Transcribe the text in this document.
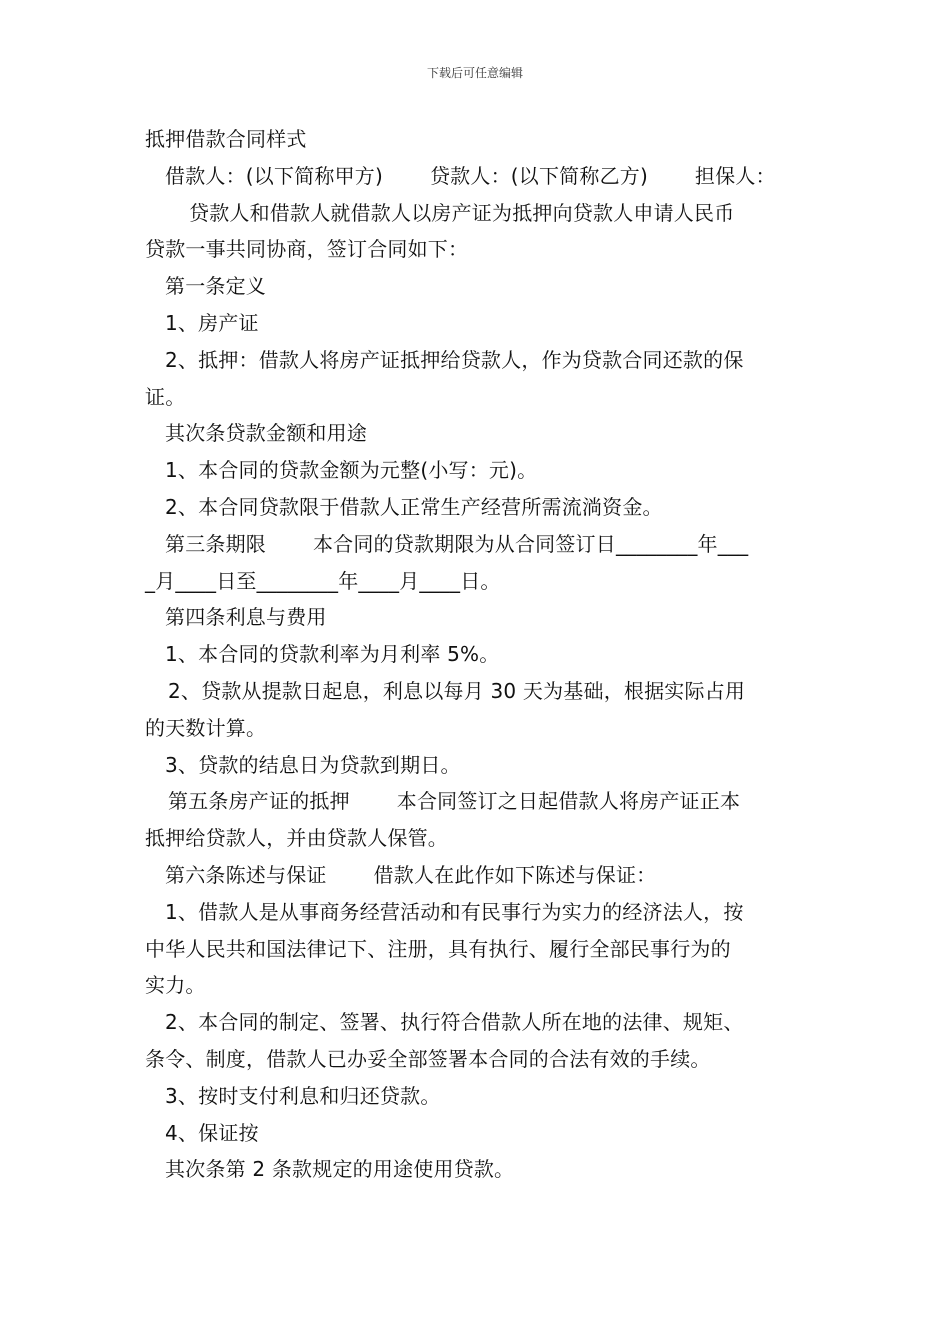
下载后可任意编辑
抵押借款合同样式
借款人：(以下简称甲方)　　 贷款人：(以下简称乙方)　　 担保人：
贷款人和借款人就借款人以房产证为抵押向贷款人申请人民币
贷款一事共同协商，签订合同如下：
第一条定义
1、房产证
2、抵押：借款人将房产证抵押给贷款人，作为贷款合同还款的保
证。
其次条贷款金额和用途
1、本合同的贷款金额为元整(小写：元)。
2、本合同贷款限于借款人正常生产经营所需流淌资金。
第三条期限　　 本合同的贷款期限为从合同签订日________年___
_月____日至________年____月____日。
第四条利息与费用
1、本合同的贷款利率为月利率 5%。
2、贷款从提款日起息，利息以每月 30 天为基础，根据实际占用
的天数计算。
3、贷款的结息日为贷款到期日。
第五条房产证的抵押　　 本合同签订之日起借款人将房产证正本
抵押给贷款人，并由贷款人保管。
第六条陈述与保证　　 借款人在此作如下陈述与保证：
1、借款人是从事商务经营活动和有民事行为实力的经济法人，按
中华人民共和国法律记下、注册，具有执行、履行全部民事行为的
实力。
2、本合同的制定、签署、执行符合借款人所在地的法律、规矩、
条令、制度，借款人已办妥全部签署本合同的合法有效的手续。
3、按时支付利息和归还贷款。
4、保证按
其次条第 2 条款规定的用途使用贷款。
